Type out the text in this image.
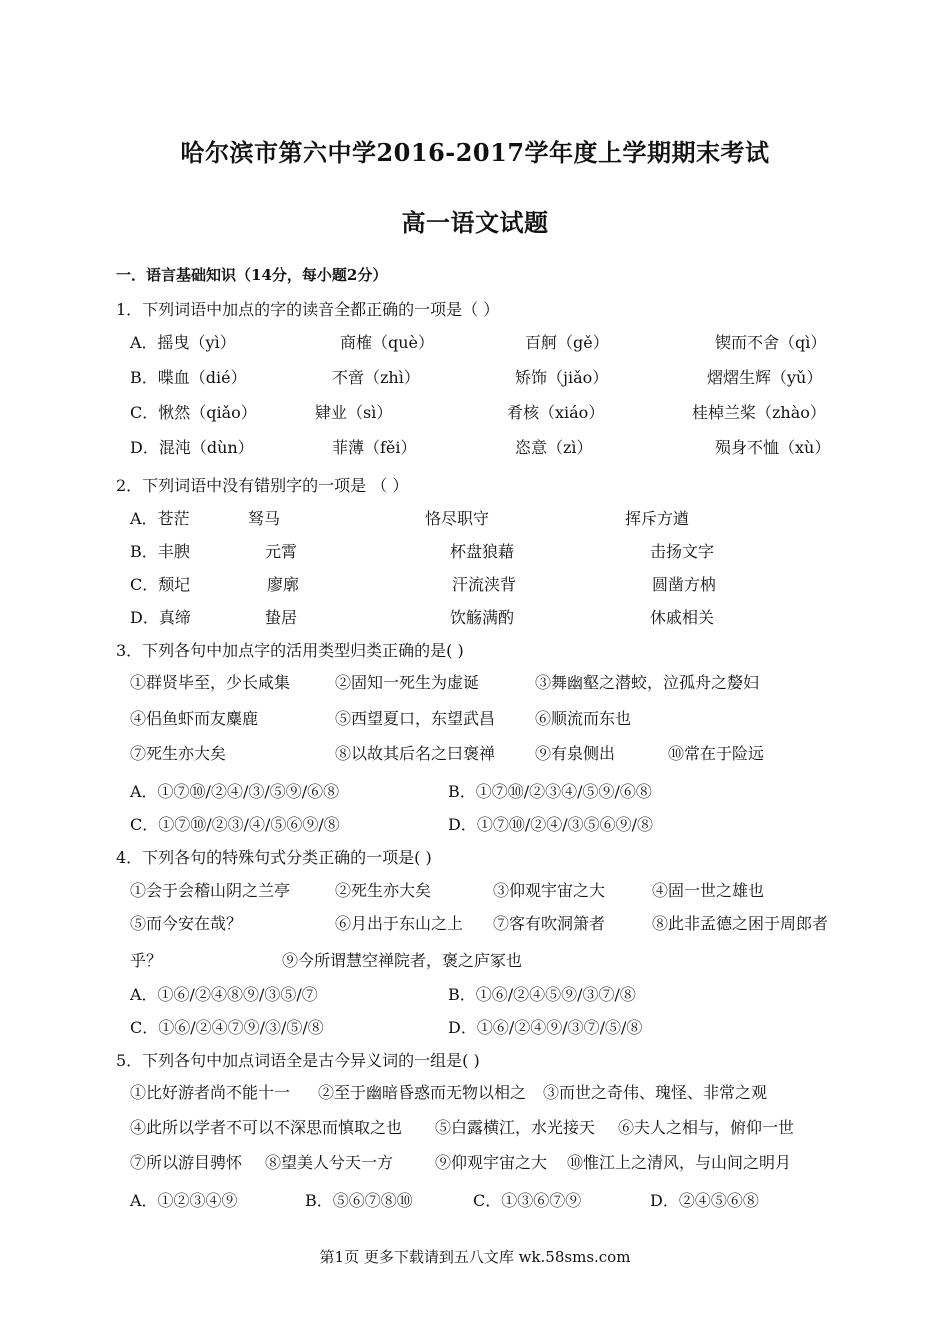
哈尔滨市第六中学2016-2017学年度上学期期末考试
高一语文试题
一．语言基础知识（14分，每小题2分）
1．下列词语中加点的字的读音全都正确的一项是（ ）
A．摇曳（yì）	商榷（què）	百舸（gě）	锲而不舍（qì）
B．喋血（dié）	不啻（zhì）	矫饰（jiǎo）	熠熠生辉（yǔ）
C．愀然（qiǎo）	肄业（sì）	肴核（xiáo）	桂棹兰桨（zhào）
D．混沌（dùn）	菲薄（fěi）	恣意（zì）	殒身不恤（xù）
2．下列词语中没有错别字的一项是 （ ）
A．苍茫	驽马	恪尽职守	挥斥方遒
B．丰腴	元霄	杯盘狼藉	击扬文字
C．颓圮	廖廓	汗流浃背	圆凿方枘
D．真缔	蛰居	饮觞满酌	休戚相关
3．下列各句中加点字的活用类型归类正确的是( )
①群贤毕至，少长咸集	②固知一死生为虚诞	③舞幽壑之潜蛟，泣孤舟之嫠妇
④侣鱼虾而友麋鹿	⑤西望夏口，东望武昌 ⑥顺流而东也
⑦死生亦大矣	⑧以故其后名之曰褒禅 ⑨有泉侧出	⑩常在于险远
A．①⑦⑩/②④/③/⑤⑨/⑥⑧	B．①⑦⑩/②③④/⑤⑨/⑥⑧
C．①⑦⑩/②③/④/⑤⑥⑨/⑧	D．①⑦⑩/②④/③⑤⑥⑨/⑧
4．下列各句的特殊句式分类正确的一项是( )
①会于会稽山阴之兰亭	②死生亦大矣	③仰观宇宙之大	④固一世之雄也
⑤而今安在哉？	⑥月出于东山之上 ⑦客有吹洞箫者	⑧此非孟德之困于周郎者
乎？	⑨今所谓慧空禅院者，褒之庐冢也
A．①⑥/②④⑧⑨/③⑤/⑦	B．①⑥/②④⑤⑨/③⑦/⑧
C．①⑥/②④⑦⑨/③/⑤/⑧	D．①⑥/②④⑨/③⑦/⑤/⑧
5．下列各句中加点词语全是古今异义词的一组是( )
①比好游者尚不能十一 ②至于幽暗昏惑而无物以相之 ③而世之奇伟、瑰怪、非常之观
④此所以学者不可以不深思而慎取之也 ⑤白露横江，水光接天 ⑥夫人之相与，俯仰一世
⑦所以游目骋怀 ⑧望美人兮天一方	⑨仰观宇宙之大 ⑩惟江上之清风，与山间之明月
A．①②③④⑨	B．⑤⑥⑦⑧⑩	C．①③⑥⑦⑨	D．②④⑤⑥⑧
第1页 更多下载请到五八文库 wk.58sms.com
